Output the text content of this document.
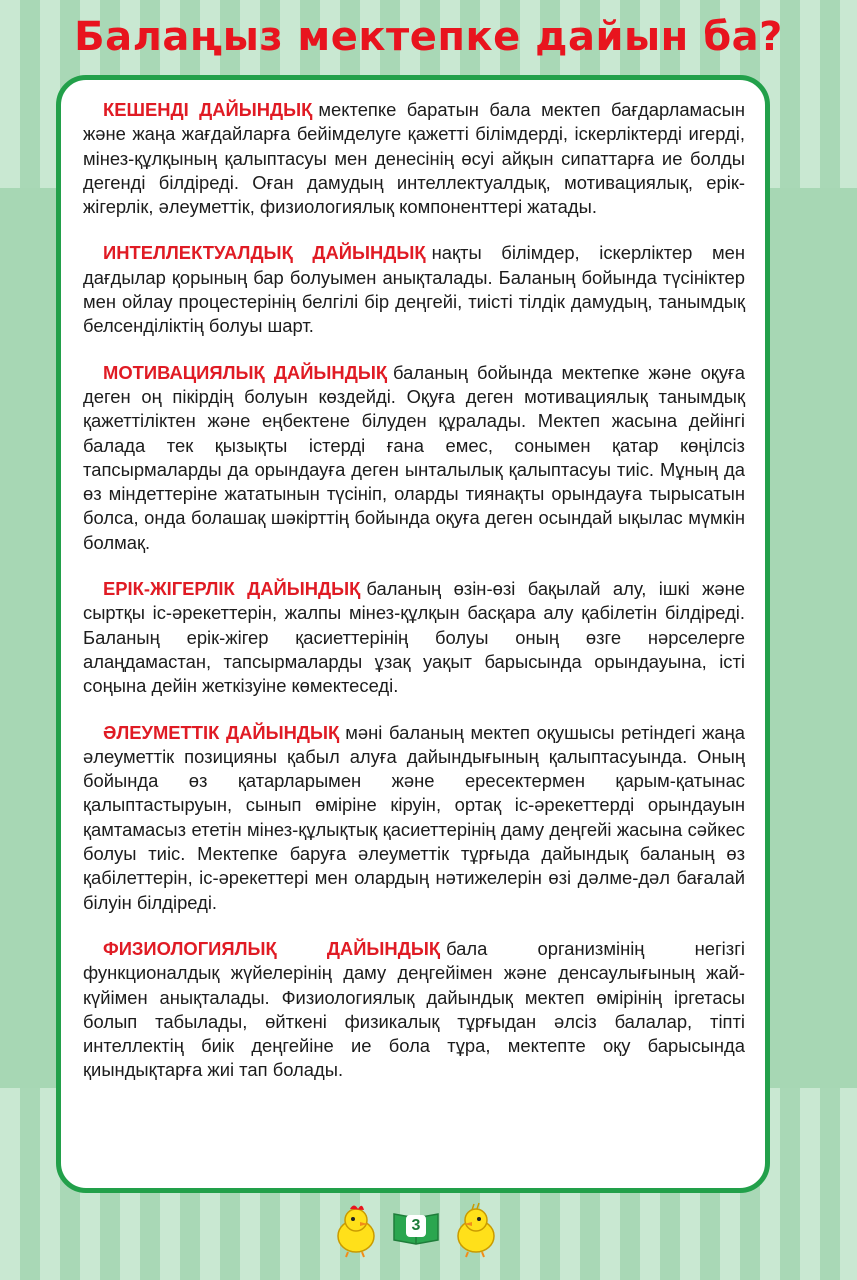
Балаңыз мектепке дайын ба?

КЕШЕНДІ ДАЙЫНДЫҚ мектепке баратын бала мектеп бағдарламасын және жаңа жағдайларға бейімделуге қажетті білімдерді, іскерліктерді игерді, мінез-құлқының қалыптасуы мен денесінің өсуі айқын сипаттарға ие болды дегенді білдіреді. Оған дамудың интеллектуалдық, мотивациялық, ерік-жігерлік, әлеуметтік, физиологиялық компоненттері жатады.

ИНТЕЛЛЕКТУАЛДЫҚ ДАЙЫНДЫҚ нақты білімдер, іскерліктер мен дағдылар қорының бар болуымен анықталады. Баланың бойында түсініктер мен ойлау процестерінің белгілі бір деңгейі, тиісті тілдік дамудың, танымдық белсенділіктің болуы шарт.

МОТИВАЦИЯЛЫҚ ДАЙЫНДЫҚ баланың бойында мектепке және оқуға деген оң пікірдің болуын көздейді. Оқуға деген мотивациялық танымдық қажеттіліктен және еңбектене білуден құралады. Мектеп жасына дейінгі балада тек қызықты істерді ғана емес, сонымен қатар көңілсіз тапсырмаларды да орындауға деген ынталылық қалыптасуы тиіс. Мұның да өз міндеттеріне жататынын түсініп, оларды тиянақты орындауға тырысатын болса, онда болашақ шәкірттің бойында оқуға деген осындай ықылас мүмкін болмақ.

ЕРІК-ЖІГЕРЛІК ДАЙЫНДЫҚ баланың өзін-өзі бақылай алу, ішкі және сыртқы іс-әрекеттерін, жалпы мінез-құлқын басқара алу қабілетін білдіреді. Баланың ерік-жігер қасиеттерінің болуы оның өзге нәрселерге алаңдамастан, тапсырмаларды ұзақ уақыт барысында орындауына, істі соңына дейін жеткізуіне көмектеседі.

ӘЛЕУМЕТТІК ДАЙЫНДЫҚ мәні баланың мектеп оқушысы ретіндегі жаңа әлеуметтік позицияны қабыл алуға дайындығының қалыптасуында. Оның бойында өз қатарларымен және ересектермен қарым-қатынас қалыптастыруын, сынып өміріне кіруін, ортақ іс-әрекеттерді орындауын қамтамасыз ететін мінез-құлықтық қасиеттерінің даму деңгейі жасына сәйкес болуы тиіс. Мектепке баруға әлеуметтік тұрғыда дайындық баланың өз қабілеттерін, іс-әрекеттері мен олардың нәтижелерін өзі дәлме-дәл бағалай білуін білдіреді.

ФИЗИОЛОГИЯЛЫҚ ДАЙЫНДЫҚ бала организмінің негізгі функционалдық жүйелерінің даму деңгейімен және денсаулығының жай-күйімен анықталады. Физиологиялық дайындық мектеп өмірінің іргетасы болып табылады, өйткені физикалық тұрғыдан әлсіз балалар, тіпті интеллектің биік деңгейіне ие бола тұра, мектепте оқу барысында қиындықтарға жиі тап болады.

3
